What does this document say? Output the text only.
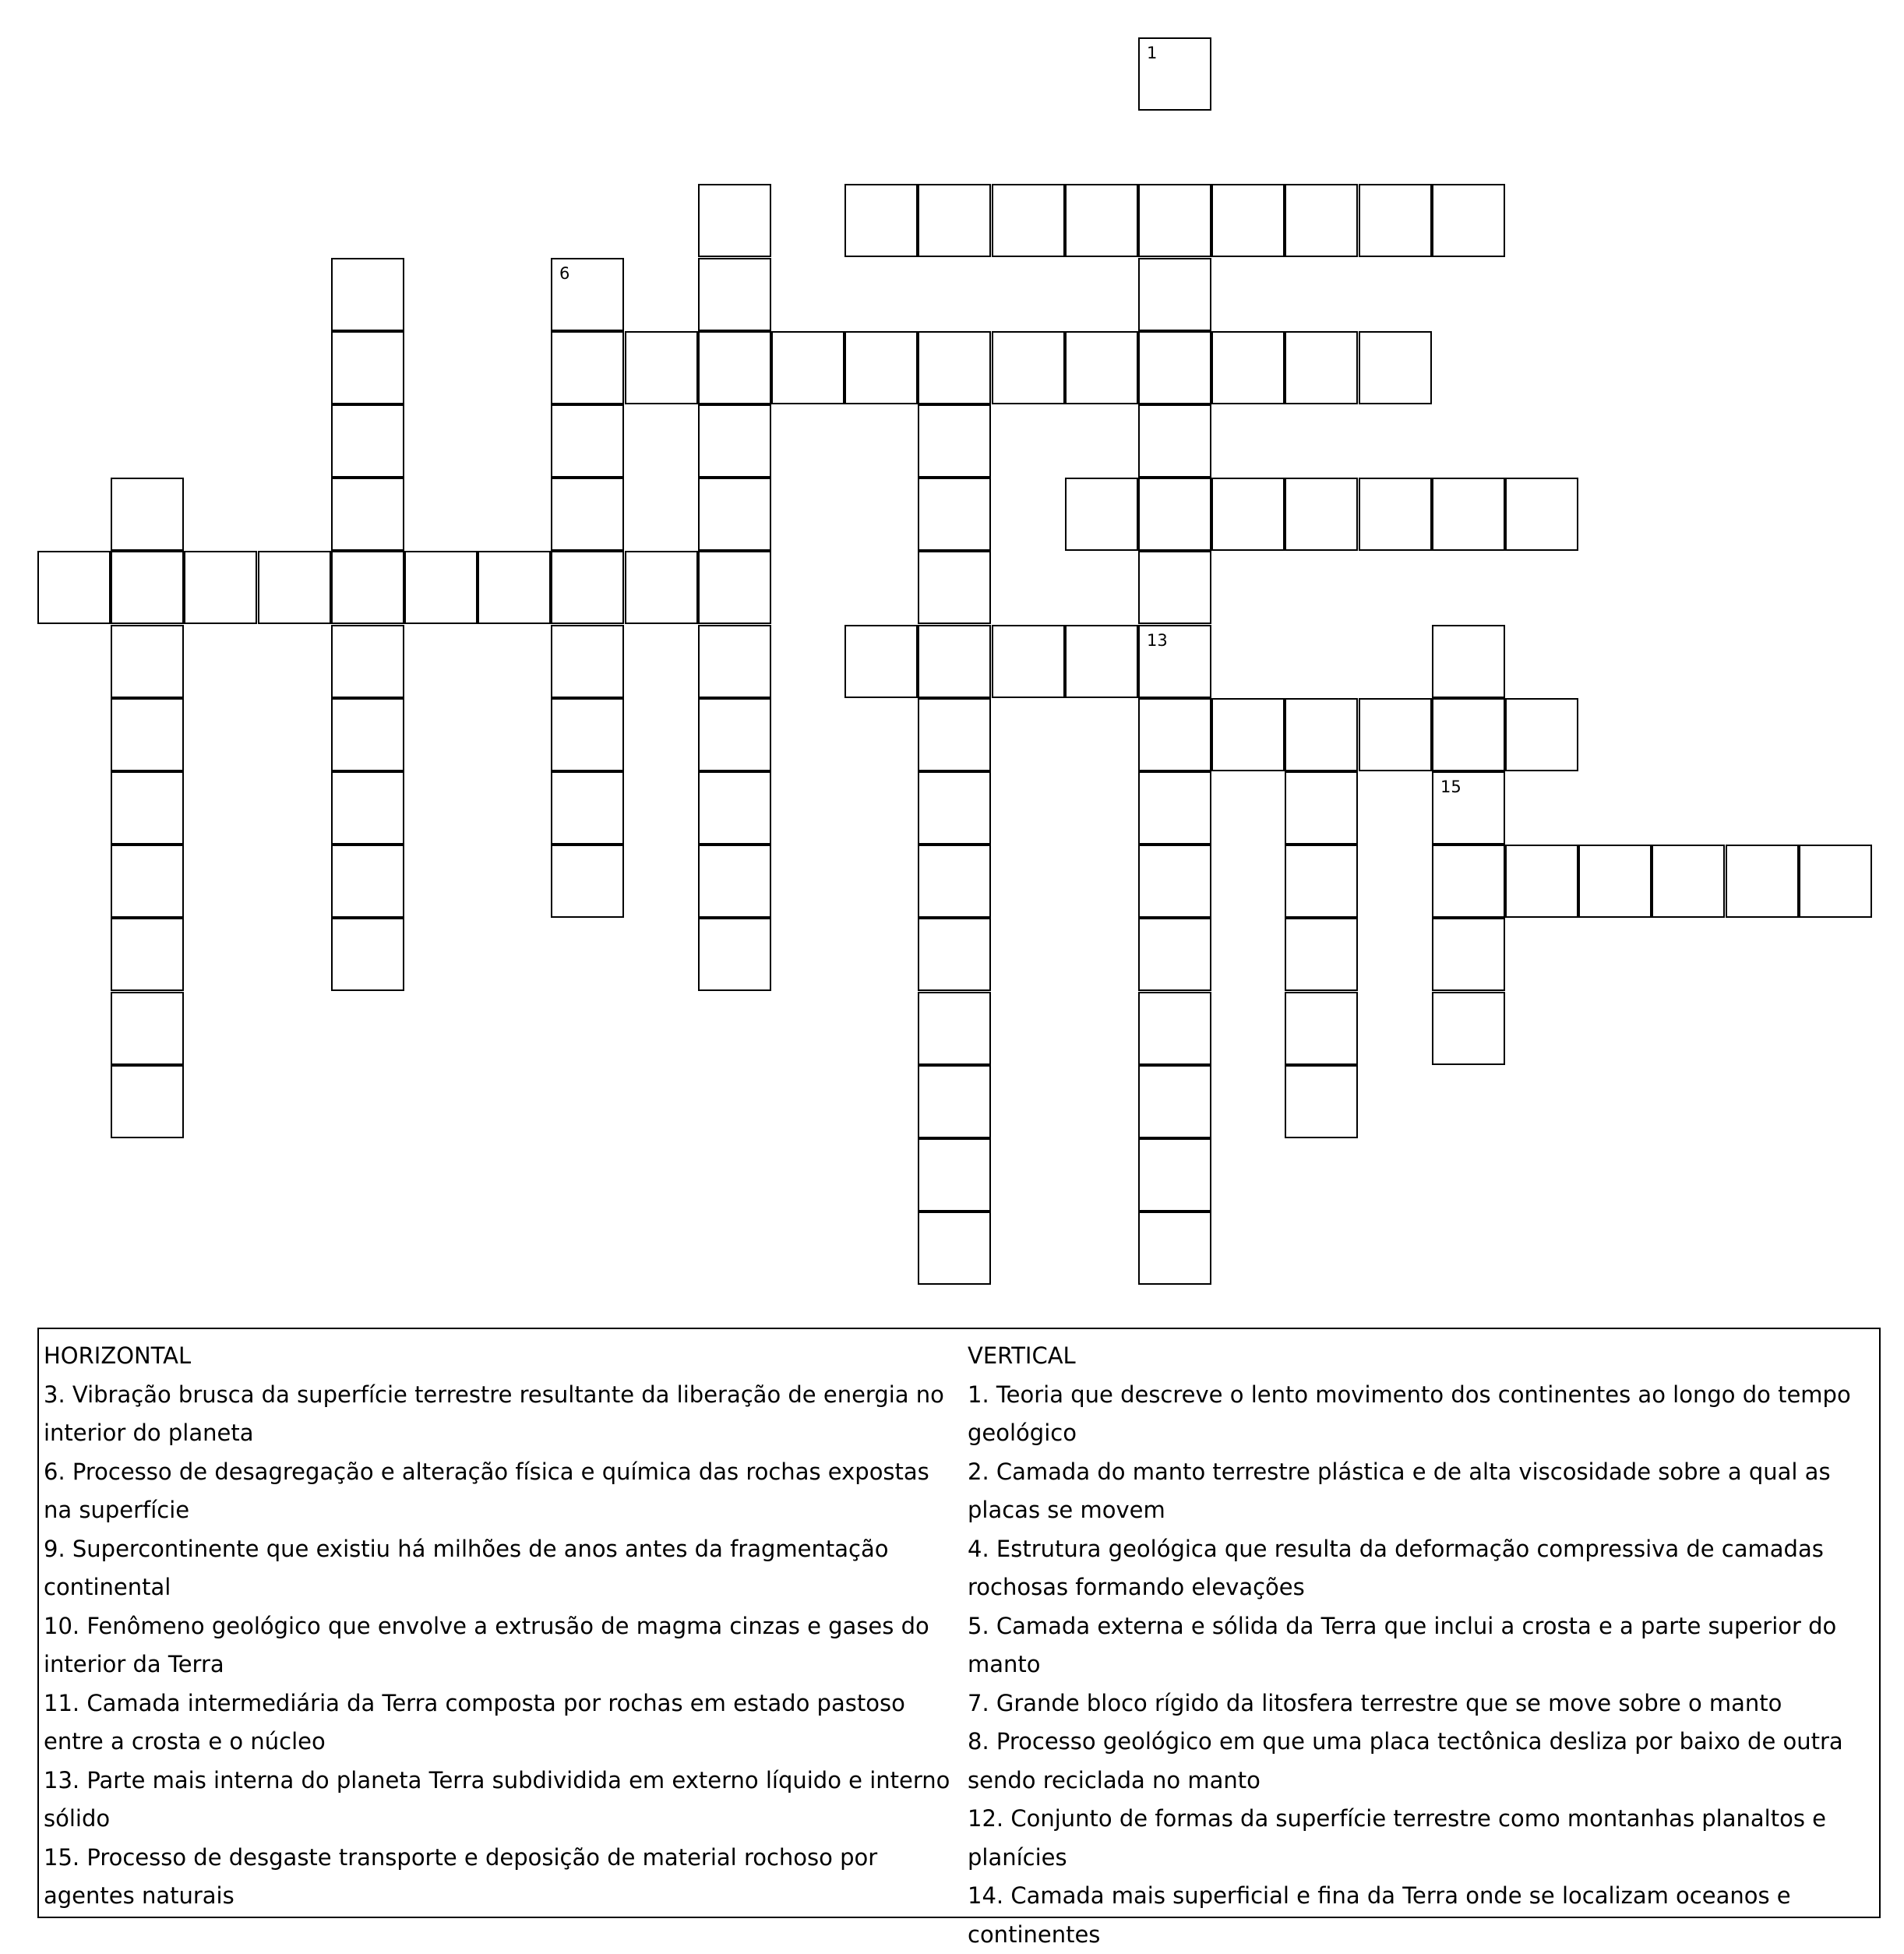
1
6
13
15

HORIZONTAL

3. Vibração brusca da superfície terrestre resultante da liberação de energia no interior do planeta

6. Processo de desagregação e alteração física e química das rochas expostas na superfície

9. Supercontinente que existiu há milhões de anos antes da fragmentação continental

10. Fenômeno geológico que envolve a extrusão de magma cinzas e gases do interior da Terra

11. Camada intermediária da Terra composta por rochas em estado pastoso entre a crosta e o núcleo

13. Parte mais interna do planeta Terra subdividida em externo líquido e interno sólido

15. Processo de desgaste transporte e deposição de material rochoso por agentes naturais

VERTICAL

1. Teoria que descreve o lento movimento dos continentes ao longo do tempo geológico

2. Camada do manto terrestre plástica e de alta viscosidade sobre a qual as placas se movem

4. Estrutura geológica que resulta da deformação compressiva de camadas rochosas formando elevações

5. Camada externa e sólida da Terra que inclui a crosta e a parte superior do manto

7. Grande bloco rígido da litosfera terrestre que se move sobre o manto

8. Processo geológico em que uma placa tectônica desliza por baixo de outra sendo reciclada no manto

12. Conjunto de formas da superfície terrestre como montanhas planaltos e planícies

14. Camada mais superficial e fina da Terra onde se localizam oceanos e continentes
